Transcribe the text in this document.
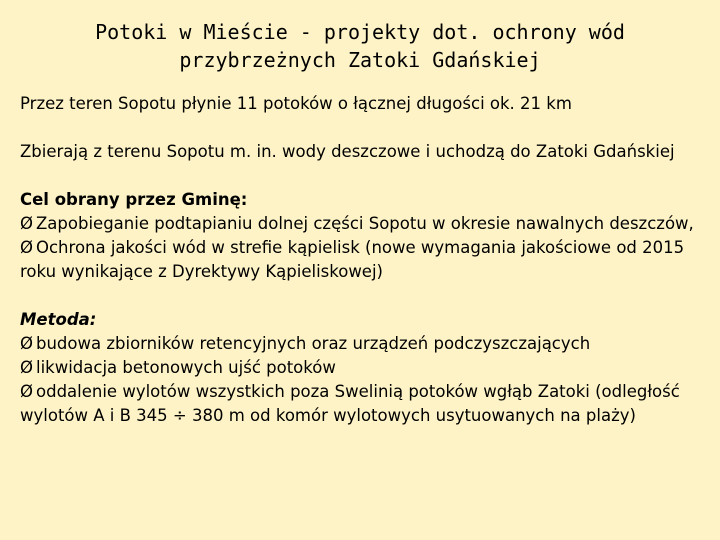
Potoki w Mieście - projekty dot. ochrony wód
przybrzeżnych Zatoki Gdańskiej

Przez teren Sopotu płynie 11 potoków o łącznej długości ok. 21 km

Zbierają z terenu Sopotu m. in. wody deszczowe i uchodzą do Zatoki Gdańskiej

Cel obrany przez Gminę:
Ø Zapobieganie podtapianiu dolnej części Sopotu w okresie nawalnych deszczów,
Ø Ochrona jakości wód w strefie kąpielisk (nowe wymagania jakościowe od 2015 roku wynikające z Dyrektywy Kąpieliskowej)
Metoda:
Ø budowa zbiorników retencyjnych oraz urządzeń podczyszczających
Ø likwidacja betonowych ujść potoków
Ø oddalenie wylotów wszystkich poza Swelinią potoków wgłąb Zatoki (odległość wylotów A i B 345 ÷ 380 m od komór wylotowych usytuowanych na plaży)
